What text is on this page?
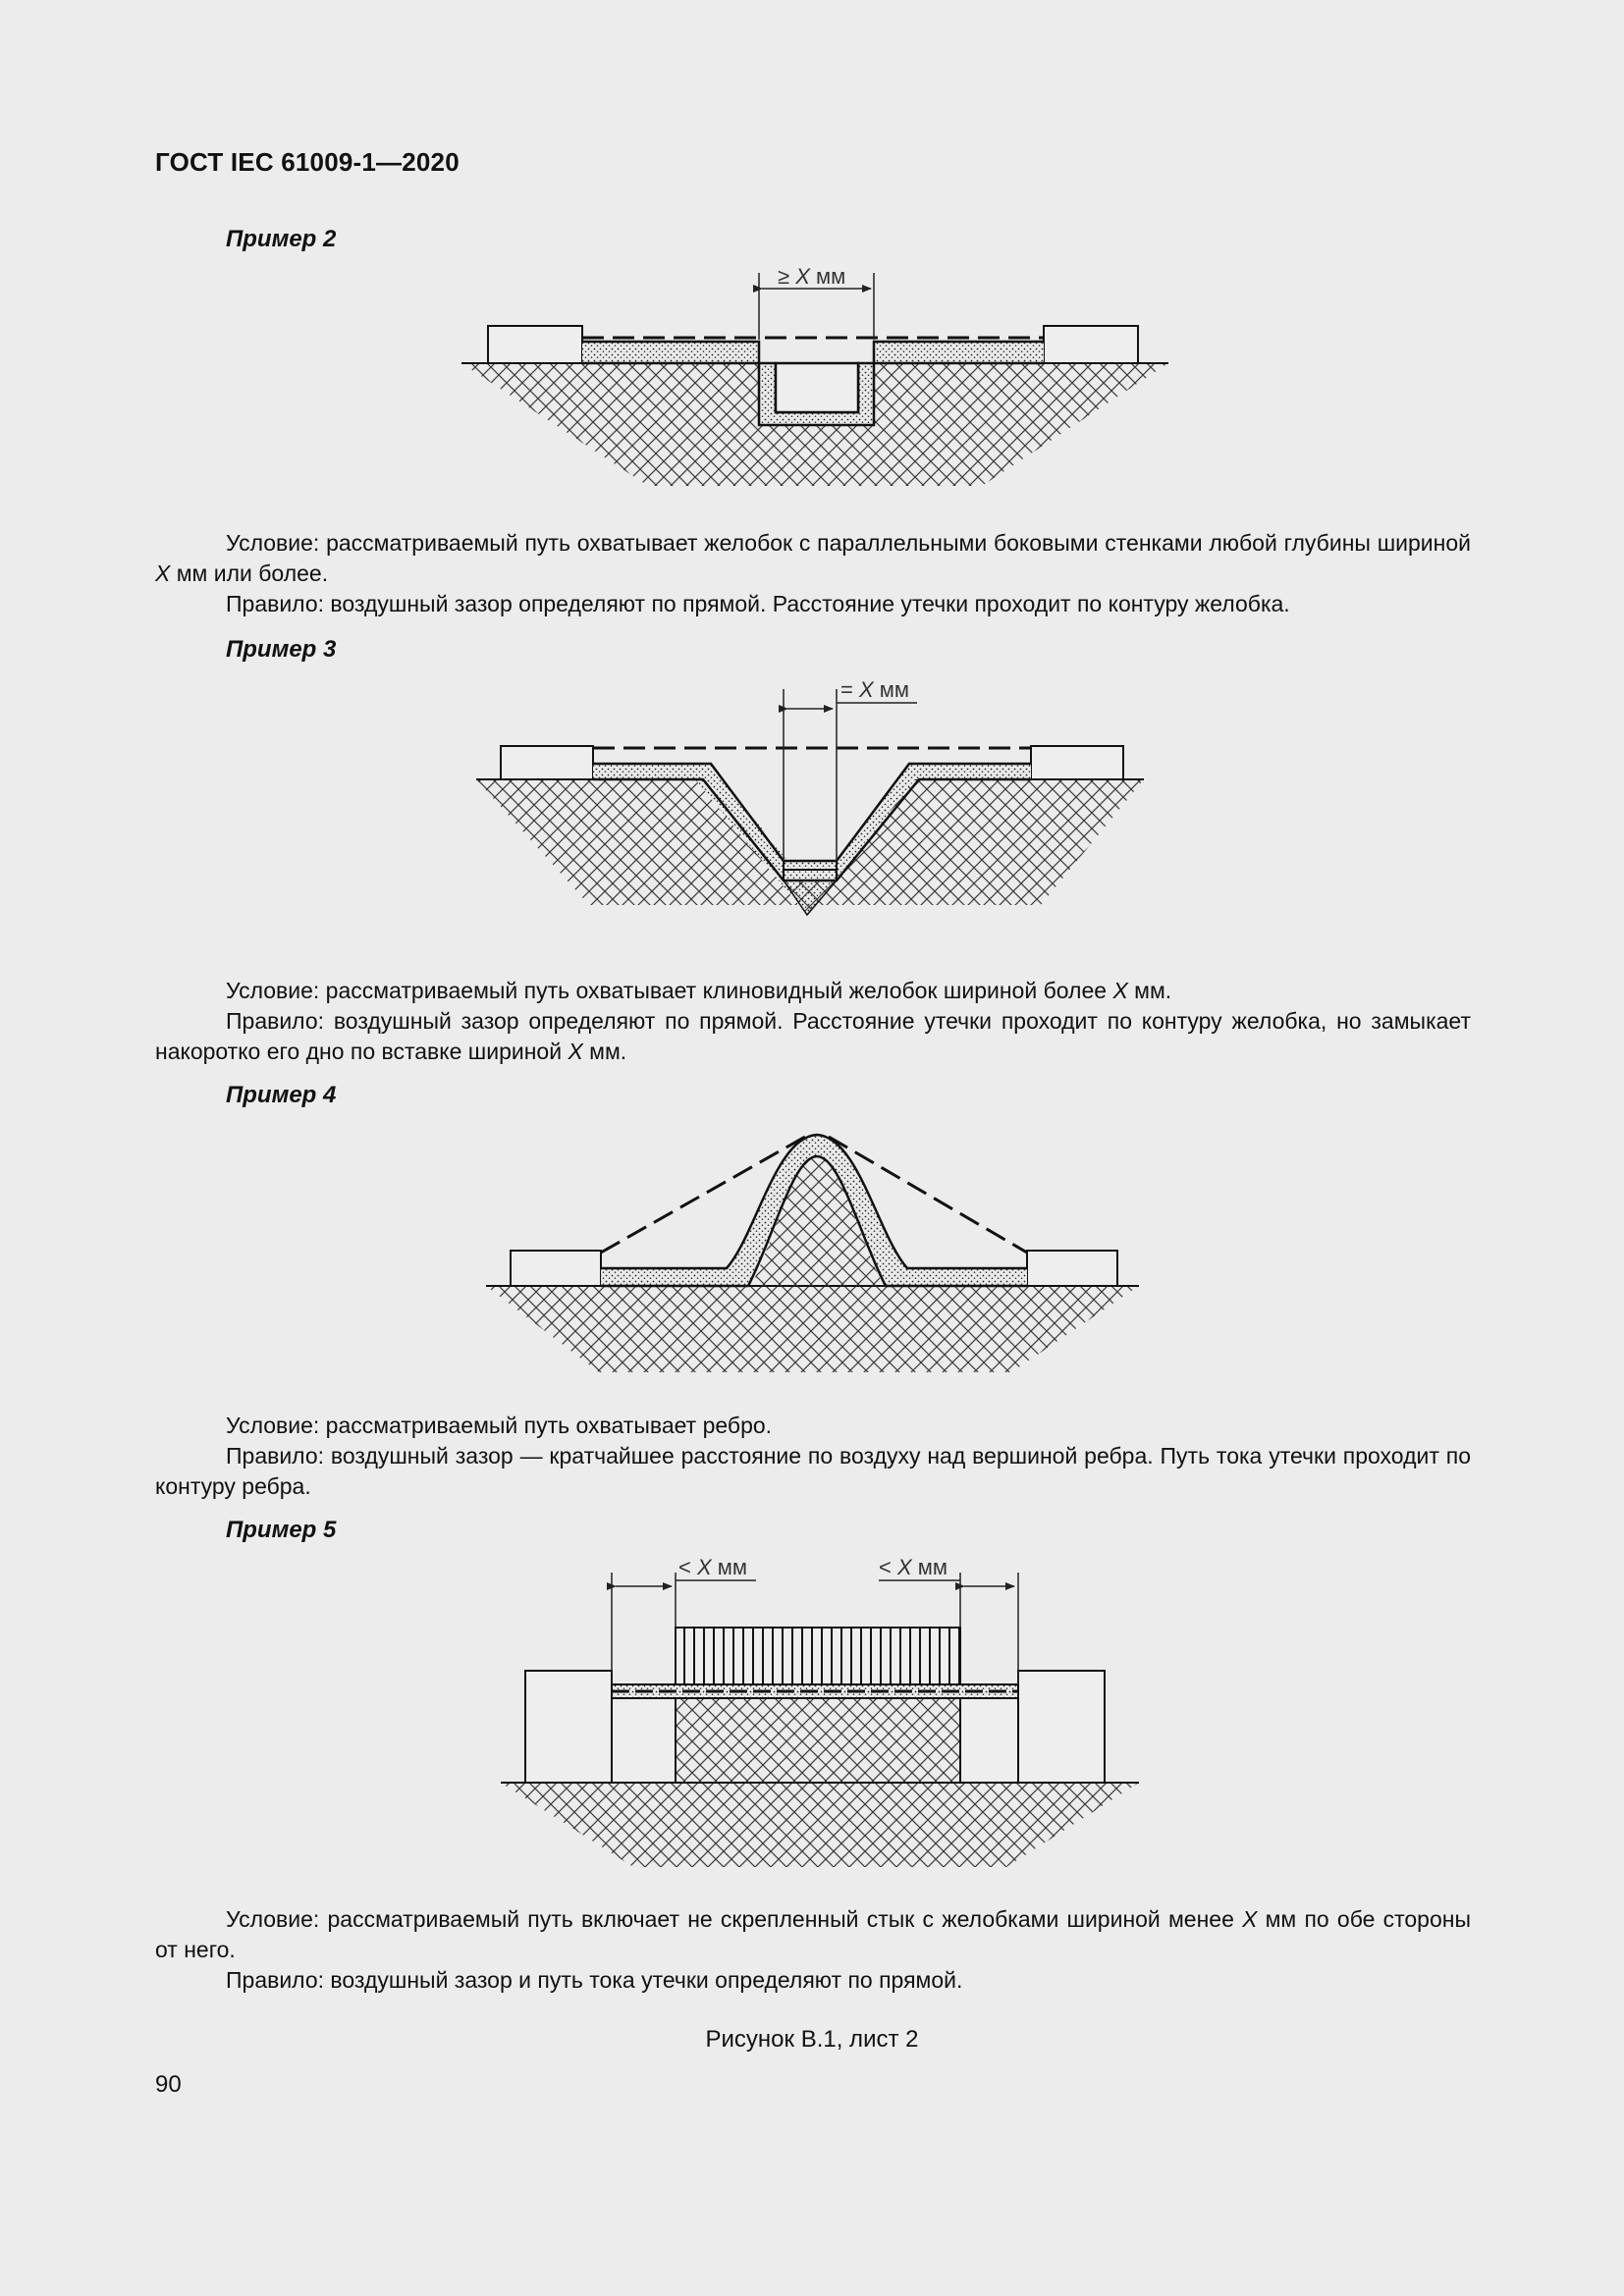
ГОСТ IEC 61009-1—2020
Пример 2
≥ X мм

Условие: рассматриваемый путь охватывает желобок с параллельными боковыми стенками любой глубины шириной X мм или более.

Правило: воздушный зазор определяют по прямой. Расстояние утечки проходит по контуру желобка.

Пример 3
= X мм

Условие: рассматриваемый путь охватывает клиновидный желобок шириной более X мм.

Правило: воздушный зазор определяют по прямой. Расстояние утечки проходит по контуру желобка, но замыкает накоротко его дно по вставке шириной X мм.

Пример 4

Условие: рассматриваемый путь охватывает ребро.

Правило: воздушный зазор — кратчайшее расстояние по воздуху над вершиной ребра. Путь тока утечки проходит по контуру ребра.

Пример 5
< X мм	< X мм

Условие: рассматриваемый путь включает не скрепленный стык с желобками шириной менее X мм по обе стороны от него.

Правило: воздушный зазор и путь тока утечки определяют по прямой.

Рисунок В.1, лист 2
90
